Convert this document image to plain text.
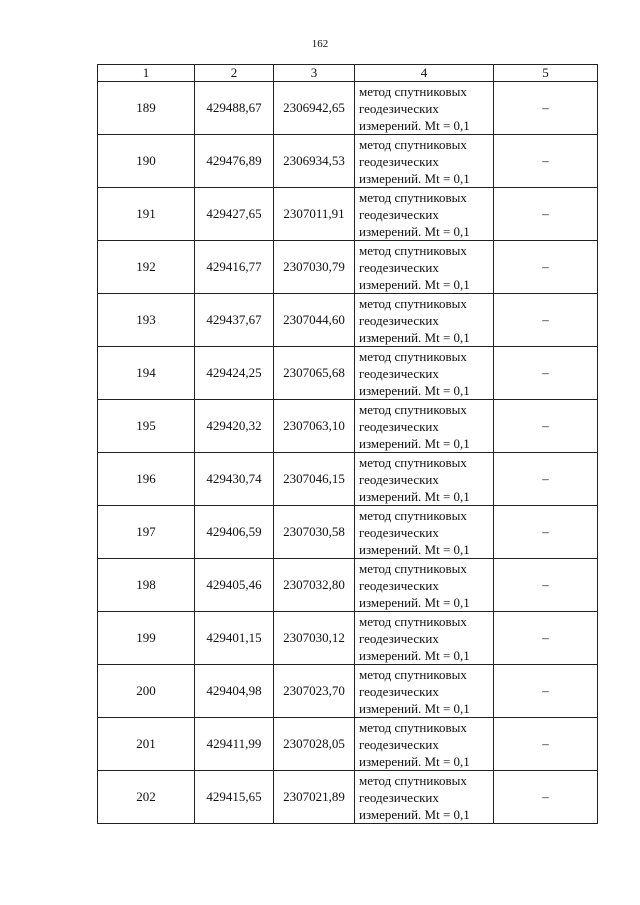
162
1	2	3	4	5
189	429488,67	2306942,65	метод спутниковых
геодезических
измерений. Mt = 0,1	–
190	429476,89	2306934,53	метод спутниковых
геодезических
измерений. Mt = 0,1	–
191	429427,65	2307011,91	метод спутниковых
геодезических
измерений. Mt = 0,1	–
192	429416,77	2307030,79	метод спутниковых
геодезических
измерений. Mt = 0,1	–
193	429437,67	2307044,60	метод спутниковых
геодезических
измерений. Mt = 0,1	–
194	429424,25	2307065,68	метод спутниковых
геодезических
измерений. Mt = 0,1	–
195	429420,32	2307063,10	метод спутниковых
геодезических
измерений. Mt = 0,1	–
196	429430,74	2307046,15	метод спутниковых
геодезических
измерений. Mt = 0,1	–
197	429406,59	2307030,58	метод спутниковых
геодезических
измерений. Mt = 0,1	–
198	429405,46	2307032,80	метод спутниковых
геодезических
измерений. Mt = 0,1	–
199	429401,15	2307030,12	метод спутниковых
геодезических
измерений. Mt = 0,1	–
200	429404,98	2307023,70	метод спутниковых
геодезических
измерений. Mt = 0,1	–
201	429411,99	2307028,05	метод спутниковых
геодезических
измерений. Mt = 0,1	–
202	429415,65	2307021,89	метод спутниковых
геодезических
измерений. Mt = 0,1	–
